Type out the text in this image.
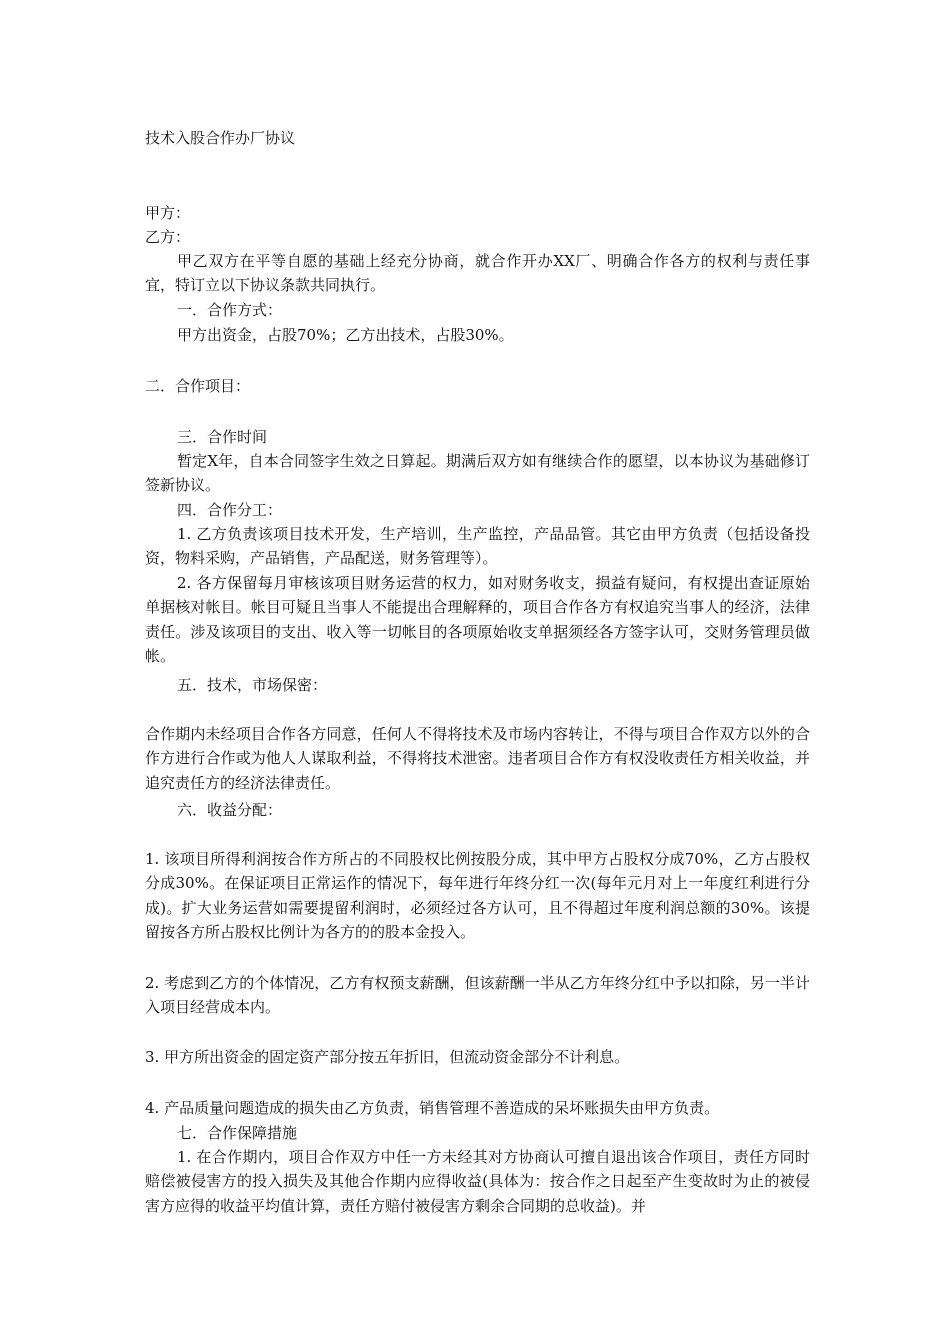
技术入股合作办厂协议
甲方：
乙方：

甲乙双方在平等自愿的基础上经充分协商，就合作开办XX厂、明确合作各方的权利与责任事宜，特订立以下协议条款共同执行。

一．合作方式：

甲方出资金，占股70%；乙方出技术，占股30%。

二．合作项目：

三．合作时间

暂定X年，自本合同签字生效之日算起。期满后双方如有继续合作的愿望，以本协议为基础修订签新协议。

四．合作分工：

1. 乙方负责该项目技术开发，生产培训，生产监控，产品品管。其它由甲方负责（包括设备投资，物料采购，产品销售，产品配送，财务管理等）。

2. 各方保留每月审核该项目财务运营的权力，如对财务收支，损益有疑问，有权提出查证原始单据核对帐目。帐目可疑且当事人不能提出合理解释的，项目合作各方有权追究当事人的经济，法律责任。涉及该项目的支出、收入等一切帐目的各项原始收支单据须经各方签字认可，交财务管理员做帐。

五．技术，市场保密：

合作期内未经项目合作各方同意，任何人不得将技术及市场内容转让，不得与项目合作双方以外的合作方进行合作或为他人人谋取利益，不得将技术泄密。违者项目合作方有权没收责任方相关收益，并追究责任方的经济法律责任。

六．收益分配：

1. 该项目所得利润按合作方所占的不同股权比例按股分成，其中甲方占股权分成70%，乙方占股权分成30%。在保证项目正常运作的情况下，每年进行年终分红一次(每年元月对上一年度红利进行分成)。扩大业务运营如需要提留利润时，必须经过各方认可，且不得超过年度利润总额的30%。该提留按各方所占股权比例计为各方的的股本金投入。

2. 考虑到乙方的个体情况，乙方有权预支薪酬，但该薪酬一半从乙方年终分红中予以扣除，另一半计入项目经营成本内。

3. 甲方所出资金的固定资产部分按五年折旧，但流动资金部分不计利息。

4. 产品质量问题造成的损失由乙方负责，销售管理不善造成的呆坏账损失由甲方负责。

七．合作保障措施

1. 在合作期内，项目合作双方中任一方未经其对方协商认可擅自退出该合作项目，责任方同时赔偿被侵害方的投入损失及其他合作期内应得收益(具体为：按合作之日起至产生变故时为止的被侵害方应得的收益平均值计算，责任方赔付被侵害方剩余合同期的总收益)。并
